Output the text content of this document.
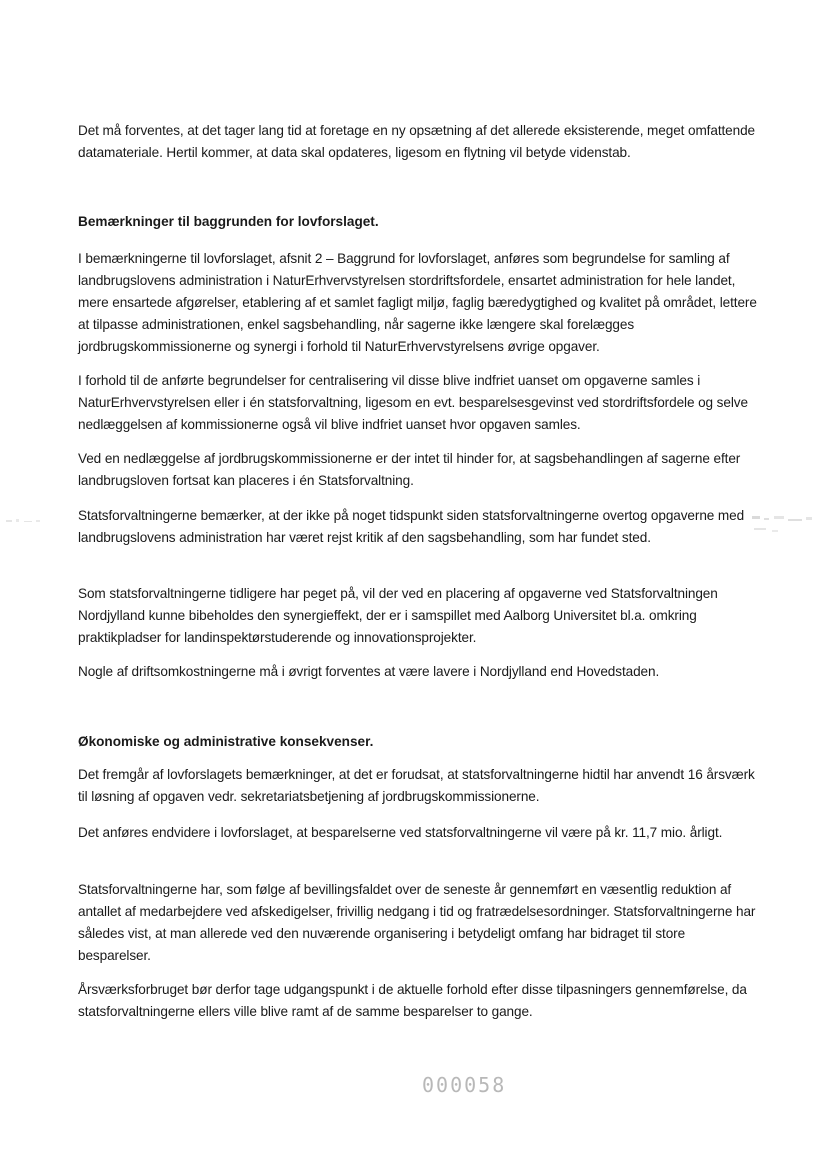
Det må forventes, at det tager lang tid at foretage en ny opsætning af det allerede eksisterende, meget omfattende datamateriale. Hertil kommer, at data skal opdateres, ligesom en flytning vil betyde videnstab.
Bemærkninger til baggrunden for lovforslaget.
I bemærkningerne til lovforslaget, afsnit 2 – Baggrund for lovforslaget, anføres som begrundelse for samling af landbrugslovens administration i NaturErhvervstyrelsen stordriftsfordele, ensartet administration for hele landet, mere ensartede afgørelser, etablering af et samlet fagligt miljø, faglig bæredygtighed og kvalitet på området, lettere at tilpasse administrationen, enkel sagsbehandling, når sagerne ikke længere skal forelægges jordbrugskommissionerne og synergi i forhold til NaturErhvervstyrelsens øvrige opgaver.
I forhold til de anførte begrundelser for centralisering vil disse blive indfriet uanset om opgaverne samles i NaturErhvervstyrelsen eller i én statsforvaltning, ligesom en evt. besparelsesgevinst ved stordriftsfordele og selve nedlæggelsen af kommissionerne også vil blive indfriet uanset hvor opgaven samles.
Ved en nedlæggelse af jordbrugskommissionerne er der intet til hinder for, at sagsbehandlingen af sagerne efter landbrugsloven fortsat kan placeres i én Statsforvaltning.
Statsforvaltningerne bemærker, at der ikke på noget tidspunkt siden statsforvaltningerne overtog opgaverne med landbrugslovens administration har været rejst kritik af den sagsbehandling, som har fundet sted.
Som statsforvaltningerne tidligere har peget på, vil der ved en placering af opgaverne ved Statsforvaltningen Nordjylland kunne bibeholdes den synergieffekt, der er i samspillet med Aalborg Universitet bl.a. omkring praktikpladser for landinspektørstuderende og innovationsprojekter.
Nogle af driftsomkostningerne må i øvrigt forventes at være lavere i Nordjylland end Hovedstaden.
Økonomiske og administrative konsekvenser.
Det fremgår af lovforslagets bemærkninger, at det er forudsat, at statsforvaltningerne hidtil har anvendt 16 årsværk til løsning af opgaven vedr. sekretariatsbetjening af jordbrugskommissionerne.
Det anføres endvidere i lovforslaget, at besparelserne ved statsforvaltningerne vil være på kr. 11,7 mio. årligt.
Statsforvaltningerne har, som følge af bevillingsfaldet over de seneste år gennemført en væsentlig reduktion af antallet af medarbejdere ved afskedigelser, frivillig nedgang i tid og fratrædelsesordninger. Statsforvaltningerne har således vist, at man allerede ved den nuværende organisering i betydeligt omfang har bidraget til store besparelser.
Årsværksforbruget bør derfor tage udgangspunkt i de aktuelle forhold efter disse tilpasningers gennemførelse, da statsforvaltningerne ellers ville blive ramt af de samme besparelser to gange.
000058
